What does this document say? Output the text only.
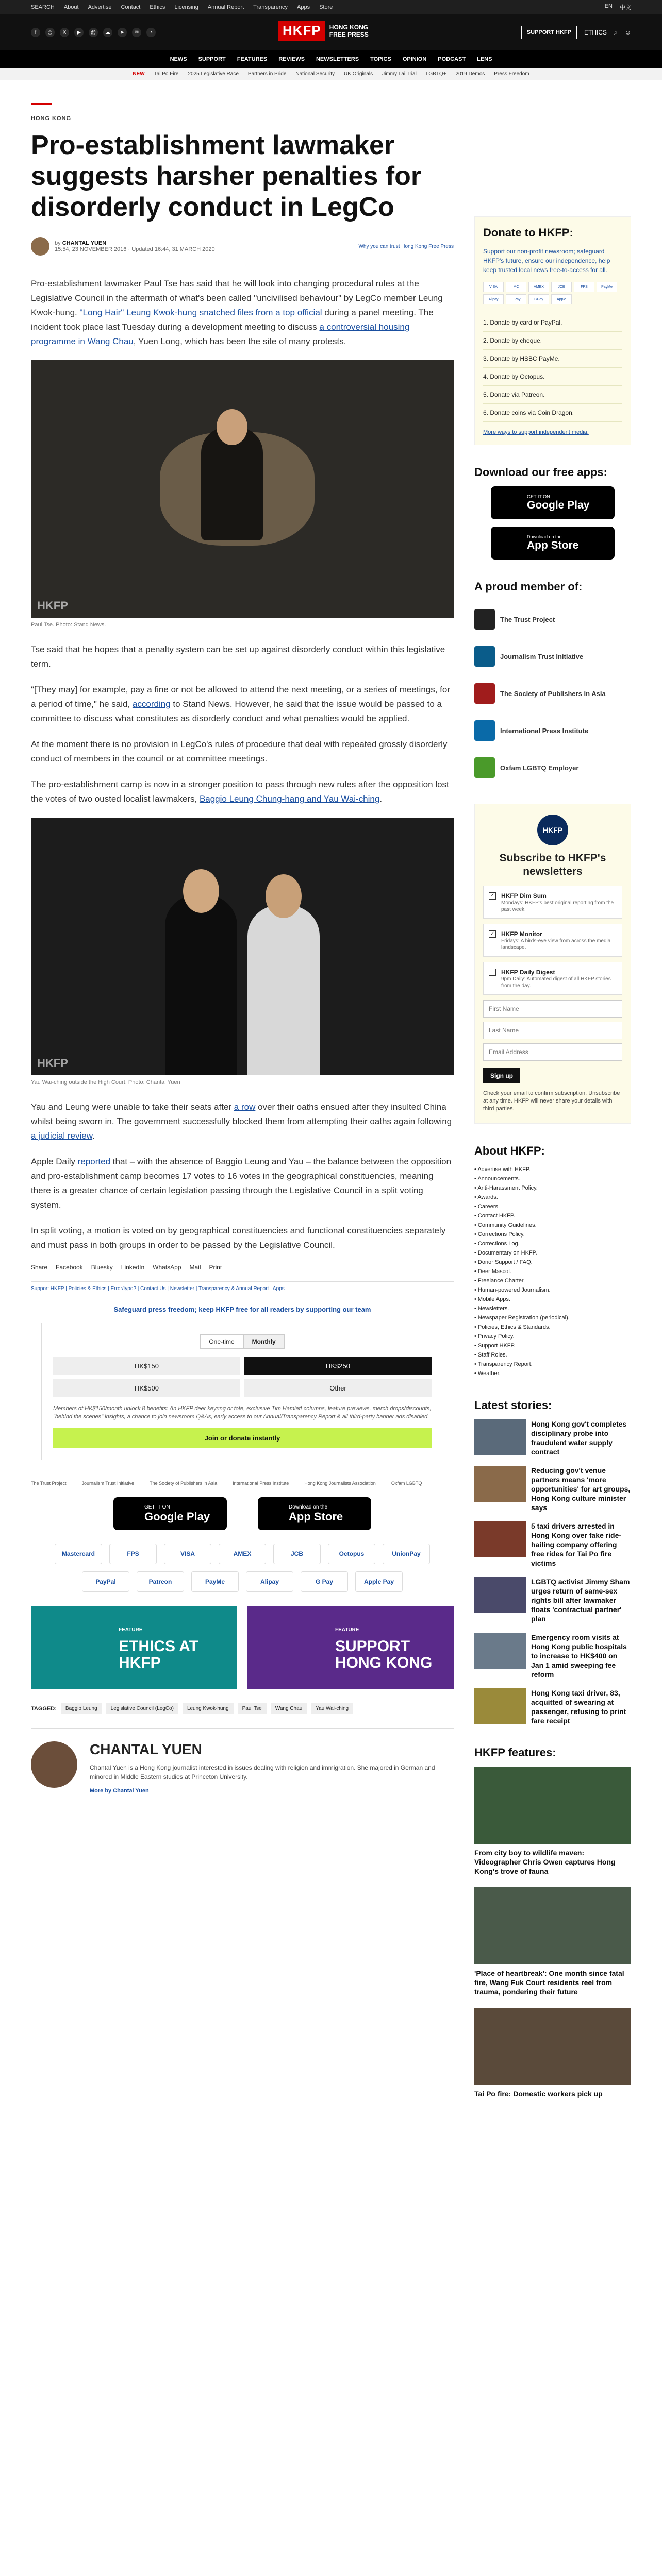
SEARCH About Advertise Contact Ethics Licensing Annual Report Transparency Apps Store	EN 中文
f	◎	X	▶	@	☁	➤	✉	◔	HKFP	HONG KONG FREE PRESS	SUPPORT HKFP	ETHICS ⌕ ☺
NEWS SUPPORT FEATURES REVIEWS NEWSLETTERS TOPICS OPINION PODCAST LENS
NEW Tai Po Fire 2025 Legislative Race Partners in Pride National Security UK Originals Jimmy Lai Trial LGBTQ+ 2019 Demos Press Freedom
HONG KONG
Pro-establishment lawmaker suggests harsher penalties for disorderly conduct in LegCo
by CHANTAL YUEN
15:54, 23 NOVEMBER 2016 · Updated 16:44, 31 MARCH 2020	Why you can trust Hong Kong Free Press

Pro-establishment lawmaker Paul Tse has said that he will look into changing procedural rules at the Legislative Council in the aftermath of what's been called "uncivilised behaviour" by LegCo member Leung Kwok-hung. "Long Hair" Leung Kwok-hung snatched files from a top official during a panel meeting. The incident took place last Tuesday during a development meeting to discuss a controversial housing programme in Wang Chau, Yuen Long, which has been the site of many protests.

HKFP
Paul Tse. Photo: Stand News.

Tse said that he hopes that a penalty system can be set up against disorderly conduct within this legislative term.

"[They may] for example, pay a fine or not be allowed to attend the next meeting, or a series of meetings, for a period of time," he said, according to Stand News. However, he said that the issue would be passed to a committee to discuss what constitutes as disorderly conduct and what penalties would be applied.

At the moment there is no provision in LegCo's rules of procedure that deal with repeated grossly disorderly conduct of members in the council or at committee meetings.

The pro-establishment camp is now in a stronger position to pass through new rules after the opposition lost the votes of two ousted localist lawmakers, Baggio Leung Chung-hang and Yau Wai-ching.

HKFP
Yau Wai-ching outside the High Court. Photo: Chantal Yuen

Yau and Leung were unable to take their seats after a row over their oaths ensued after they insulted China whilst being sworn in. The government successfully blocked them from attempting their oaths again following a judicial review.

Apple Daily reported that – with the absence of Baggio Leung and Yau – the balance between the opposition and pro-establishment camp becomes 17 votes to 16 votes in the geographical constituencies, meaning there is a greater chance of certain legislation passing through the Legislative Council in a split voting system.

In split voting, a motion is voted on by geographical constituencies and functional constituencies separately and must pass in both groups in order to be passed by the Legislative Council.

Share Facebook Bluesky LinkedIn WhatsApp Mail Print
Support HKFP | Policies & Ethics | Error/typo? | Contact Us | Newsletter | Transparency & Annual Report | Apps
Safeguard press freedom; keep HKFP free for all readers by supporting our team
One-time	Monthly
HK$150	HK$250
HK$500	Other

Members of HK$150/month unlock 8 benefits: An HKFP deer keyring or tote, exclusive Tim Hamlett columns, feature previews, merch drops/discounts, "behind the scenes" insights, a chance to join newsroom Q&As, early access to our Annual/Transparency Report & all third-party banner ads disabled.

Join or donate instantly
The Trust Project	Journalism Trust Initiative	The Society of Publishers in Asia	International Press Institute	Hong Kong Journalists Association	Oxfam LGBTQ
GET IT ON
Google Play
Download on the
App Store
Mastercard	FPS	VISA	AMEX	JCB	Octopus	UnionPay
PayPal	Patreon	PayMe	Alipay	G Pay	Apple Pay
FEATURE
ETHICS AT HKFP
FEATURE
SUPPORT HONG KONG
TAGGED:	Baggio Leung	Legislative Council (LegCo)	Leung Kwok-hung	Paul Tse	Wang Chau	Yau Wai-ching
CHANTAL YUEN

Chantal Yuen is a Hong Kong journalist interested in issues dealing with religion and immigration. She majored in German and minored in Middle Eastern studies at Princeton University.

More by Chantal Yuen
Donate to HKFP:

Support our non-profit newsroom; safeguard HKFP's future, ensure our independence, help keep trusted local news free-to-access for all.

VISA	MC	AMEX	JCB	FPS	PayMe
Alipay	UPay	GPay	Apple
1. Donate by card or PayPal.
2. Donate by cheque.
3. Donate by HSBC PayMe.
4. Donate by Octopus.
5. Donate via Patreon.
6. Donate coins via Coin Dragon.
More ways to support independent media.
Download our free apps:
GET IT ON
Google Play
Download on the
App Store
A proud member of:
The Trust Project
Journalism Trust Initiative
The Society of Publishers in Asia
International Press Institute
Oxfam LGBTQ Employer
HKFP
Subscribe to HKFP's newsletters
✓ HKFP Dim Sum
Mondays: HKFP's best original reporting from the past week.
✓ HKFP Monitor
Fridays: A birds-eye view from across the media landscape.
HKFP Daily Digest
9pm Daily: Automated digest of all HKFP stories from the day.
First Name Last Name Email Address
Sign up

Check your email to confirm subscription. Unsubscribe at any time. HKFP will never share your details with third parties.

About HKFP:
• Advertise with HKFP.
• Announcements.
• Anti-Harassment Policy.
• Awards.
• Careers.
• Contact HKFP.
• Community Guidelines.
• Corrections Policy.
• Corrections Log.
• Documentary on HKFP.
• Donor Support / FAQ.
• Deer Mascot.
• Freelance Charter.
• Human-powered Journalism.
• Mobile Apps.
• Newsletters.
• Newspaper Registration (periodical).
• Policies, Ethics & Standards.
• Privacy Policy.
• Support HKFP.
• Staff Roles.
• Transparency Report.
• Weather.
Latest stories:
Hong Kong gov't completes disciplinary probe into fraudulent water supply contract
Reducing gov't venue partners means 'more opportunities' for art groups, Hong Kong culture minister says
5 taxi drivers arrested in Hong Kong over fake ride-hailing company offering free rides for Tai Po fire victims
LGBTQ activist Jimmy Sham urges return of same-sex rights bill after lawmaker floats 'contractual partner' plan
Emergency room visits at Hong Kong public hospitals to increase to HK$400 on Jan 1 amid sweeping fee reform
Hong Kong taxi driver, 83, acquitted of swearing at passenger, refusing to print fare receipt
HKFP features:
From city boy to wildlife maven: Videographer Chris Owen captures Hong Kong's trove of fauna
'Place of heartbreak': One month since fatal fire, Wang Fuk Court residents reel from trauma, pondering their future
Tai Po fire: Domestic workers pick up
